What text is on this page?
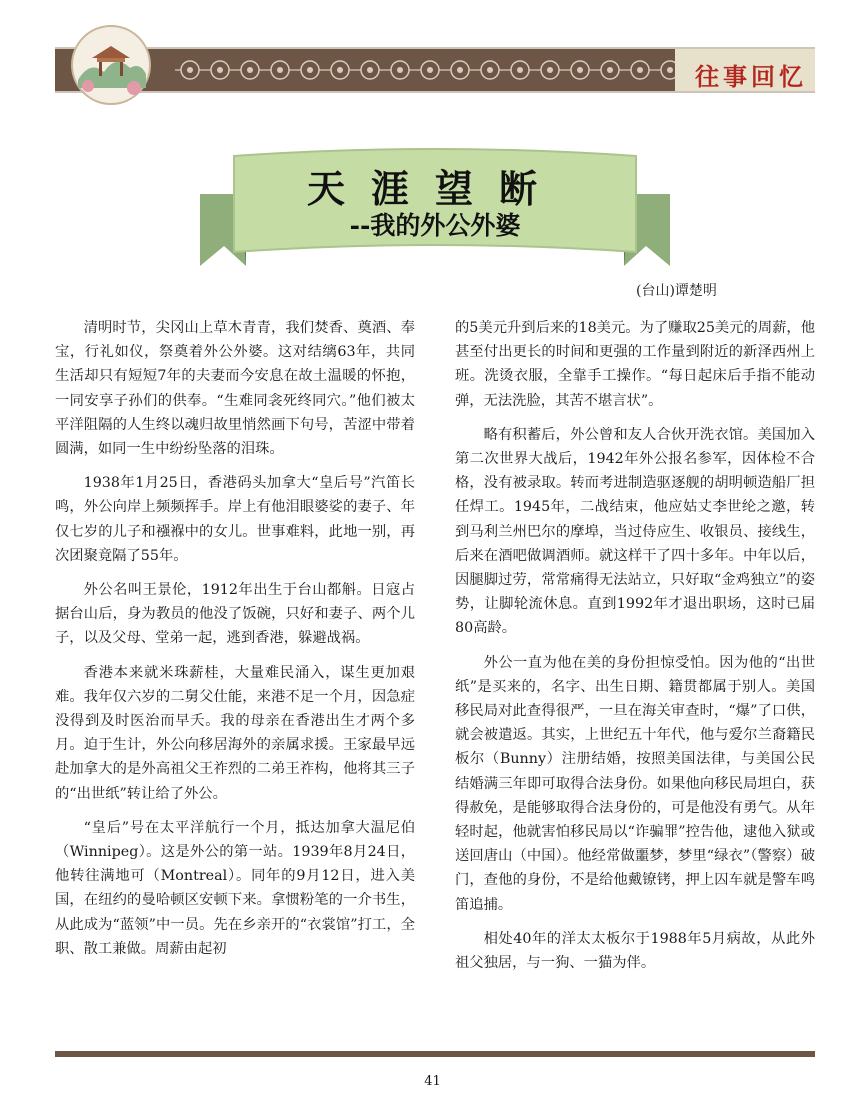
往事回忆
天涯望断
--我的外公外婆
(台山)谭楚明

清明时节，尖冈山上草木青青，我们焚香、奠酒、奉宝，行礼如仪，祭奠着外公外婆。这对结缡63年，共同生活却只有短短7年的夫妻而今安息在故土温暖的怀抱，一同安享子孙们的供奉。“生难同衾死终同穴。”他们被太平洋阻隔的人生终以魂归故里悄然画下句号，苦涩中带着圆满，如同一生中纷纷坠落的泪珠。

1938年1月25日，香港码头加拿大“皇后号”汽笛长鸣，外公向岸上频频挥手。岸上有他泪眼婆娑的妻子、年仅七岁的儿子和襁褓中的女儿。世事难料，此地一别，再次团聚竟隔了55年。

外公名叫王景伦，1912年出生于台山都斛。日寇占据台山后，身为教员的他没了饭碗，只好和妻子、两个儿子，以及父母、堂弟一起，逃到香港，躲避战祸。

香港本来就米珠薪桂，大量难民涌入，谋生更加艰难。我年仅六岁的二舅父仕能，来港不足一个月，因急症没得到及时医治而早夭。我的母亲在香港出生才两个多月。迫于生计，外公向移居海外的亲属求援。王家最早远赴加拿大的是外高祖父王祚烈的二弟王祚构，他将其三子的“出世纸”转让给了外公。

“皇后”号在太平洋航行一个月，抵达加拿大温尼伯（Winnipeg）。这是外公的第一站。1939年8月24日，他转往满地可（Montreal）。同年的9月12日，进入美国，在纽约的曼哈顿区安顿下来。拿惯粉笔的一介书生，从此成为“蓝领”中一员。先在乡亲开的“衣裳馆”打工，全职、散工兼做。周薪由起初

的5美元升到后来的18美元。为了赚取25美元的周薪，他甚至付出更长的时间和更强的工作量到附近的新泽西州上班。洗烫衣服，全靠手工操作。“每日起床后手指不能动弹，无法洗脸，其苦不堪言状”。

略有积蓄后，外公曾和友人合伙开洗衣馆。美国加入第二次世界大战后，1942年外公报名参军，因体检不合格，没有被录取。转而考进制造驱逐舰的胡明顿造船厂担任焊工。1945年，二战结束，他应姑丈李世纶之邀，转到马利兰州巴尔的摩埠，当过侍应生、收银员、接线生，后来在酒吧做调酒师。就这样干了四十多年。中年以后，因腿脚过劳，常常痛得无法站立，只好取“金鸡独立”的姿势，让脚轮流休息。直到1992年才退出职场，这时已届80高龄。

外公一直为他在美的身份担惊受怕。因为他的“出世纸”是买来的，名字、出生日期、籍贯都属于别人。美国移民局对此查得很严，一旦在海关审查时，“爆”了口供，就会被遣返。其实，上世纪五十年代，他与爱尔兰裔籍民板尔（Bunny）注册结婚，按照美国法律，与美国公民结婚满三年即可取得合法身份。如果他向移民局坦白，获得赦免，是能够取得合法身份的，可是他没有勇气。从年轻时起，他就害怕移民局以“诈骗罪”控告他，逮他入狱或送回唐山（中国）。他经常做噩梦，梦里“绿衣”（警察）破门，查他的身份，不是给他戴镣铐，押上囚车就是警车鸣笛追捕。

相处40年的洋太太板尔于1988年5月病故，从此外祖父独居，与一狗、一猫为伴。

41
